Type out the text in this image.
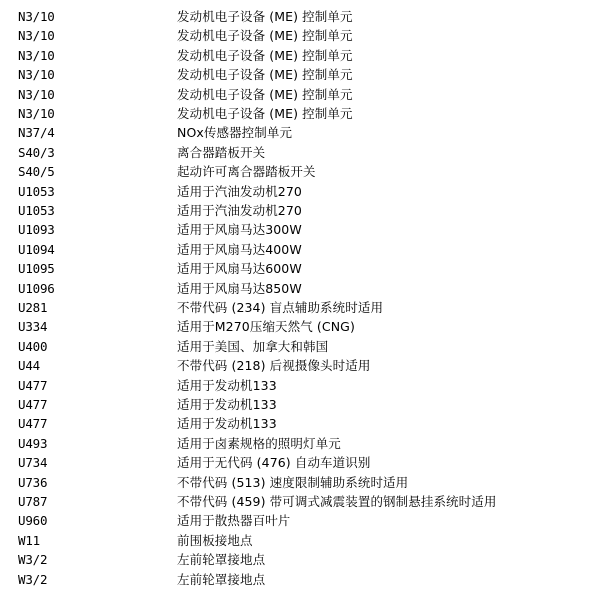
N3/10	发动机电子设备 (ME) 控制单元
N3/10	发动机电子设备 (ME) 控制单元
N3/10	发动机电子设备 (ME) 控制单元
N3/10	发动机电子设备 (ME) 控制单元
N3/10	发动机电子设备 (ME) 控制单元
N3/10	发动机电子设备 (ME) 控制单元
N37/4	NOx传感器控制单元
S40/3	离合器踏板开关
S40/5	起动许可离合器踏板开关
U1053	适用于汽油发动机270
U1053	适用于汽油发动机270
U1093	适用于风扇马达300W
U1094	适用于风扇马达400W
U1095	适用于风扇马达600W
U1096	适用于风扇马达850W
U281	不带代码 (234) 盲点辅助系统时适用
U334	适用于M270压缩天然气 (CNG)
U400	适用于美国、加拿大和韩国
U44	不带代码 (218) 后视摄像头时适用
U477	适用于发动机133
U477	适用于发动机133
U477	适用于发动机133
U493	适用于卤素规格的照明灯单元
U734	适用于无代码 (476) 自动车道识别
U736	不带代码 (513) 速度限制辅助系统时适用
U787	不带代码 (459) 带可调式减震装置的钢制悬挂系统时适用
U960	适用于散热器百叶片
W11	前围板接地点
W3/2	左前轮罩接地点
W3/2	左前轮罩接地点
